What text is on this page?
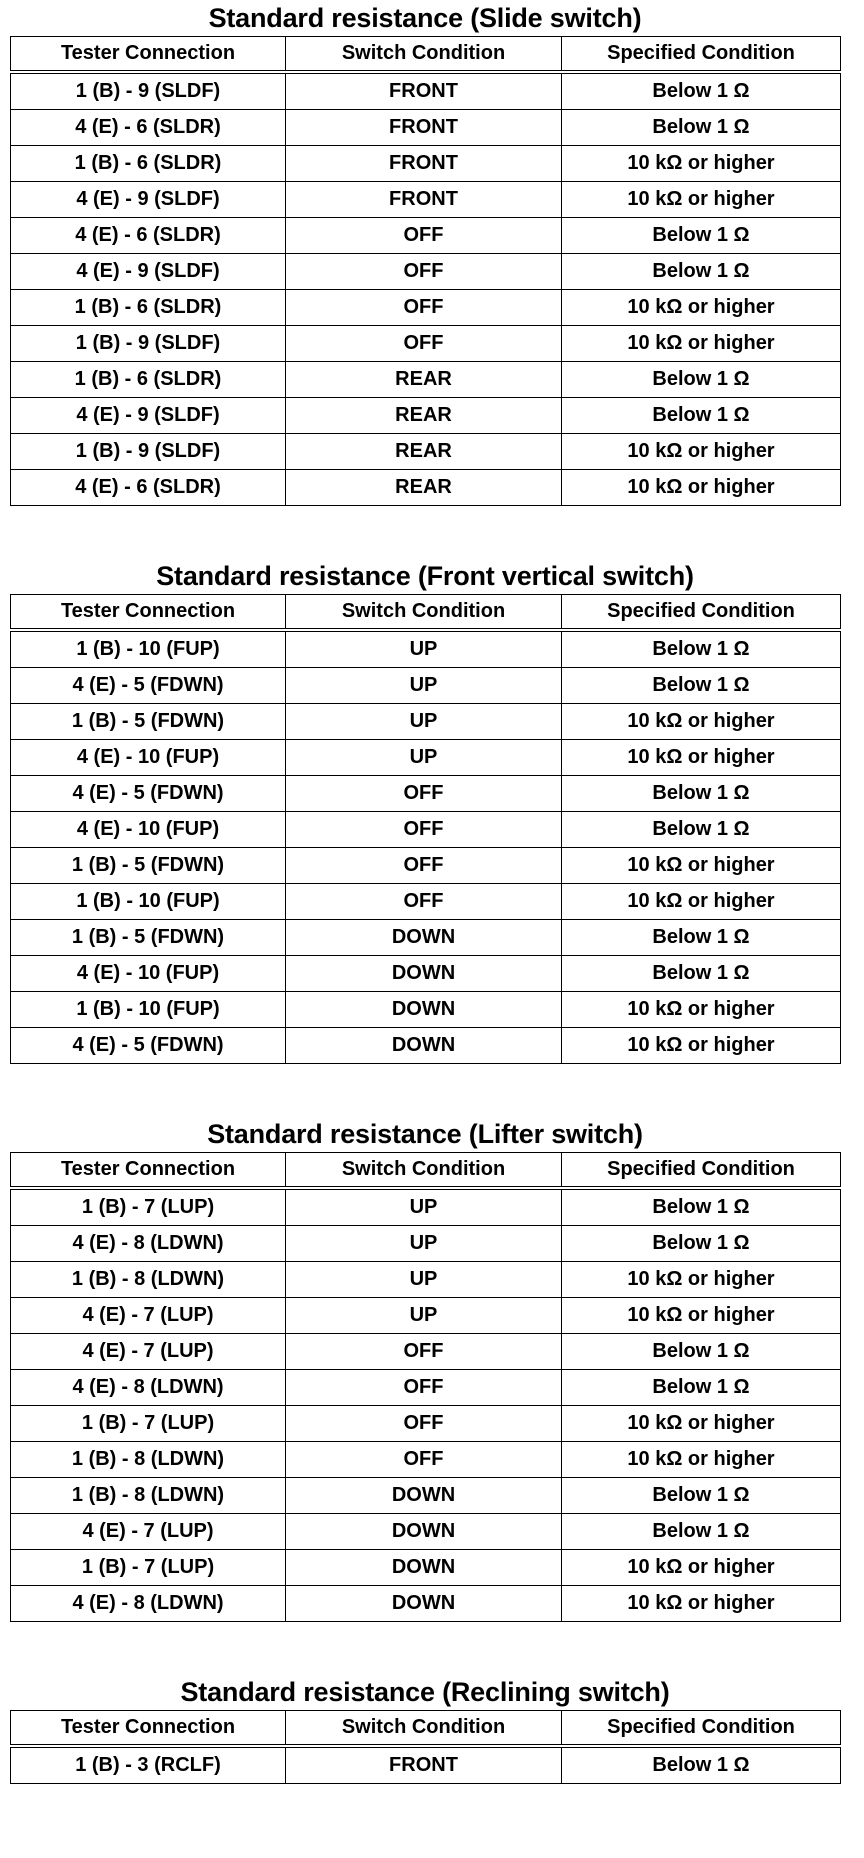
Standard resistance (Slide switch)
Tester Connection	Switch Condition	Specified Condition
1 (B) - 9 (SLDF)	FRONT	Below 1 Ω
4 (E) - 6 (SLDR)	FRONT	Below 1 Ω
1 (B) - 6 (SLDR)	FRONT	10 kΩ or higher
4 (E) - 9 (SLDF)	FRONT	10 kΩ or higher
4 (E) - 6 (SLDR)	OFF	Below 1 Ω
4 (E) - 9 (SLDF)	OFF	Below 1 Ω
1 (B) - 6 (SLDR)	OFF	10 kΩ or higher
1 (B) - 9 (SLDF)	OFF	10 kΩ or higher
1 (B) - 6 (SLDR)	REAR	Below 1 Ω
4 (E) - 9 (SLDF)	REAR	Below 1 Ω
1 (B) - 9 (SLDF)	REAR	10 kΩ or higher
4 (E) - 6 (SLDR)	REAR	10 kΩ or higher
Standard resistance (Front vertical switch)
Tester Connection	Switch Condition	Specified Condition
1 (B) - 10 (FUP)	UP	Below 1 Ω
4 (E) - 5 (FDWN)	UP	Below 1 Ω
1 (B) - 5 (FDWN)	UP	10 kΩ or higher
4 (E) - 10 (FUP)	UP	10 kΩ or higher
4 (E) - 5 (FDWN)	OFF	Below 1 Ω
4 (E) - 10 (FUP)	OFF	Below 1 Ω
1 (B) - 5 (FDWN)	OFF	10 kΩ or higher
1 (B) - 10 (FUP)	OFF	10 kΩ or higher
1 (B) - 5 (FDWN)	DOWN	Below 1 Ω
4 (E) - 10 (FUP)	DOWN	Below 1 Ω
1 (B) - 10 (FUP)	DOWN	10 kΩ or higher
4 (E) - 5 (FDWN)	DOWN	10 kΩ or higher
Standard resistance (Lifter switch)
Tester Connection	Switch Condition	Specified Condition
1 (B) - 7 (LUP)	UP	Below 1 Ω
4 (E) - 8 (LDWN)	UP	Below 1 Ω
1 (B) - 8 (LDWN)	UP	10 kΩ or higher
4 (E) - 7 (LUP)	UP	10 kΩ or higher
4 (E) - 7 (LUP)	OFF	Below 1 Ω
4 (E) - 8 (LDWN)	OFF	Below 1 Ω
1 (B) - 7 (LUP)	OFF	10 kΩ or higher
1 (B) - 8 (LDWN)	OFF	10 kΩ or higher
1 (B) - 8 (LDWN)	DOWN	Below 1 Ω
4 (E) - 7 (LUP)	DOWN	Below 1 Ω
1 (B) - 7 (LUP)	DOWN	10 kΩ or higher
4 (E) - 8 (LDWN)	DOWN	10 kΩ or higher
Standard resistance (Reclining switch)
Tester Connection	Switch Condition	Specified Condition
1 (B) - 3 (RCLF)	FRONT	Below 1 Ω
